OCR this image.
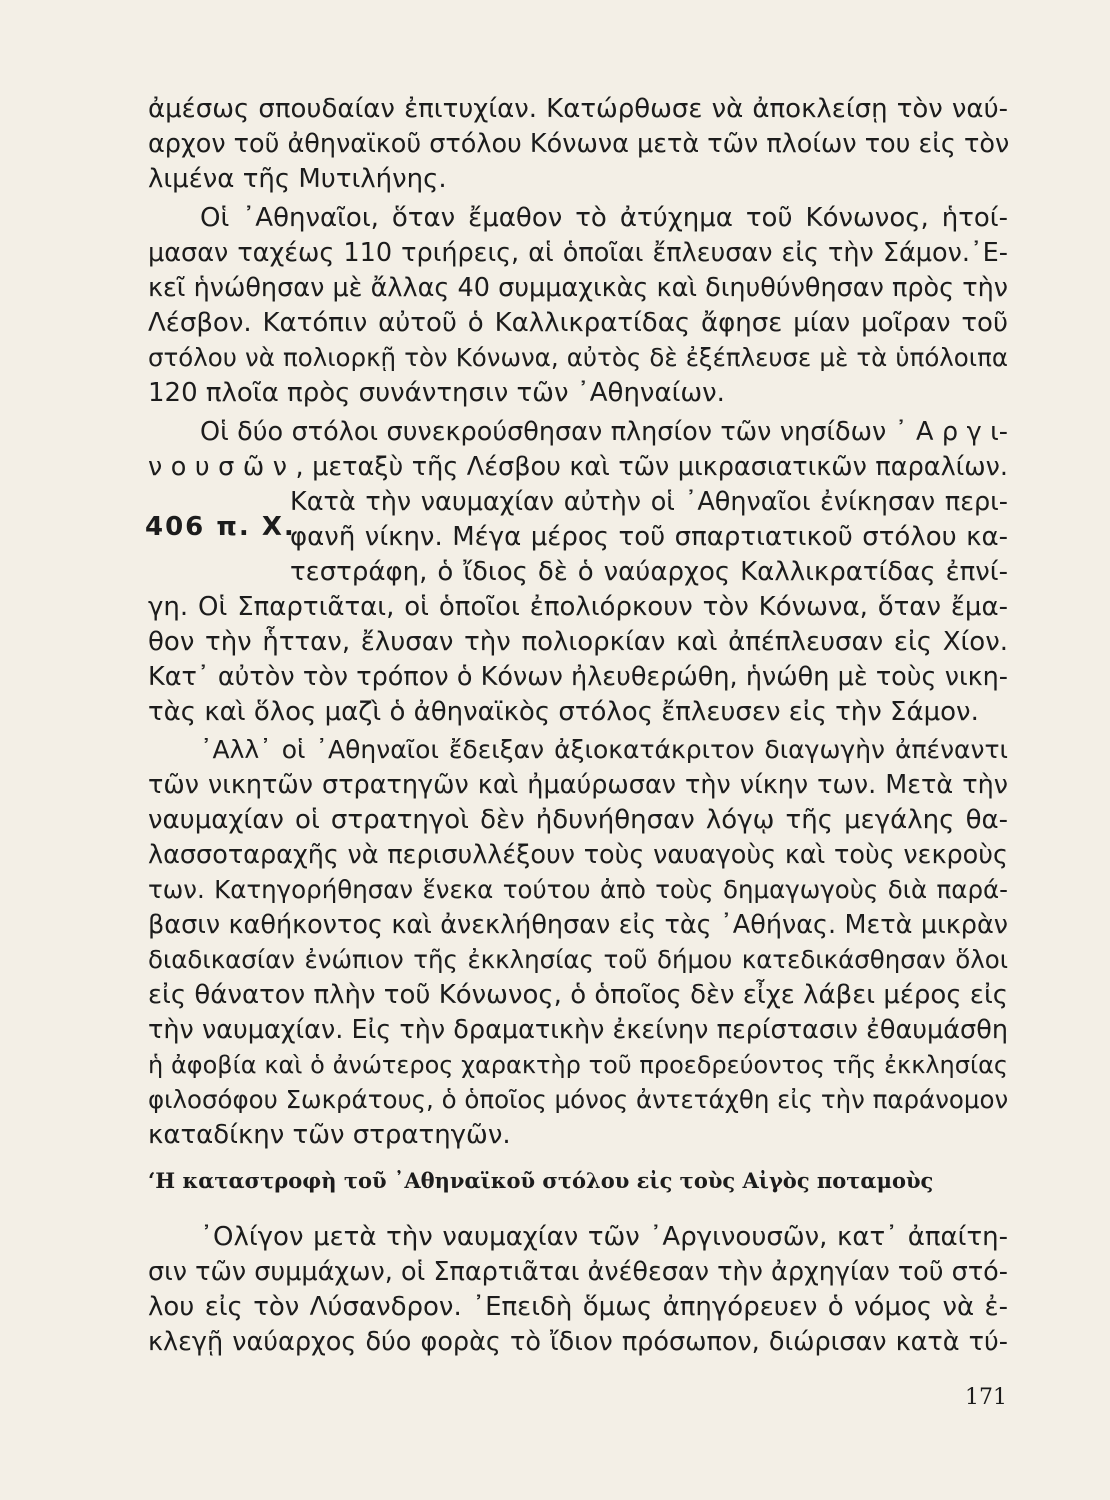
ἀμέσως σπουδαίαν ἐπιτυχίαν. Κατώρθωσε νὰ ἀποκλείσῃ τὸν ναύ-
αρχον τοῦ ἀθηναϊκοῦ στόλου Κόνωνα μετὰ τῶν πλοίων του εἰς τὸν
λιμένα τῆς Μυτιλήνης.
Οἱ ᾿Αθηναῖοι, ὅταν ἔμαθον τὸ ἀτύχημα τοῦ Κόνωνος, ἡτοί-
μασαν ταχέως 110 τριήρεις, αἱ ὁποῖαι ἔπλευσαν εἰς τὴν Σάμον.᾿Ε-
κεῖ ἡνώθησαν μὲ ἄλλας 40 συμμαχικὰς καὶ διηυθύνθησαν πρὸς τὴν
Λέσβον. Κατόπιν αὐτοῦ ὁ Καλλικρατίδας ἄφησε μίαν μοῖραν τοῦ
στόλου νὰ πολιορκῇ τὸν Κόνωνα, αὐτὸς δὲ ἐξέπλευσε μὲ τὰ ὑπόλοιπα
120 πλοῖα πρὸς συνάντησιν τῶν ᾿Αθηναίων.
Οἱ δύο στόλοι συνεκρούσθησαν πλησίον τῶν νησίδων ᾿ Α ρ γ ι-
ν ο υ σ ῶ ν , μεταξὺ τῆς Λέσβου καὶ τῶν μικρασιατικῶν παραλίων.
Κατὰ τὴν ναυμαχίαν αὐτὴν οἱ ᾿Αθηναῖοι ἐνίκησαν περι-
406 π. Χ.
φανῆ νίκην. Μέγα μέρος τοῦ σπαρτιατικοῦ στόλου κα-
τεστράφη, ὁ ἴδιος δὲ ὁ ναύαρχος Καλλικρατίδας ἐπνί-
γη. Οἱ Σπαρτιᾶται, οἱ ὁποῖοι ἐπολιόρκουν τὸν Κόνωνα, ὅταν ἔμα-
θον τὴν ἧτταν, ἔλυσαν τὴν πολιορκίαν καὶ ἀπέπλευσαν εἰς Χίον.
Κατ᾿ αὐτὸν τὸν τρόπον ὁ Κόνων ἠλευθερώθη, ἡνώθη μὲ τοὺς νικη-
τὰς καὶ ὅλος μαζὶ ὁ ἀθηναϊκὸς στόλος ἔπλευσεν εἰς τὴν Σάμον.
᾿Αλλ᾿ οἱ ᾿Αθηναῖοι ἔδειξαν ἀξιοκατάκριτον διαγωγὴν ἀπέναντι
τῶν νικητῶν στρατηγῶν καὶ ἠμαύρωσαν τὴν νίκην των. Μετὰ τὴν
ναυμαχίαν οἱ στρατηγοὶ δὲν ἠδυνήθησαν λόγῳ τῆς μεγάλης θα-
λασσοταραχῆς νὰ περισυλλέξουν τοὺς ναυαγοὺς καὶ τοὺς νεκροὺς
των. Κατηγορήθησαν ἕνεκα τούτου ἀπὸ τοὺς δημαγωγοὺς διὰ παρά-
βασιν καθήκοντος καὶ ἀνεκλήθησαν εἰς τὰς ᾿Αθήνας. Μετὰ μικρὰν
διαδικασίαν ἐνώπιον τῆς ἐκκλησίας τοῦ δήμου κατεδικάσθησαν ὅλοι
εἰς θάνατον πλὴν τοῦ Κόνωνος, ὁ ὁποῖος δὲν εἶχε λάβει μέρος εἰς
τὴν ναυμαχίαν. Εἰς τὴν δραματικὴν ἐκείνην περίστασιν ἐθαυμάσθη
ἡ ἀφοβία καὶ ὁ ἀνώτερος χαρακτὴρ τοῦ προεδρεύοντος τῆς ἐκκλησίας
φιλοσόφου Σωκράτους, ὁ ὁποῖος μόνος ἀντετάχθη εἰς τὴν παράνομον
καταδίκην τῶν στρατηγῶν.
ʻΗ καταστροφὴ τοῦ ᾿Αθηναϊκοῦ στόλου εἰς τοὺς Αἰγὸς ποταμοὺς
᾿Ολίγον μετὰ τὴν ναυμαχίαν τῶν ᾿Αργινουσῶν, κατ᾿ ἀπαίτη-
σιν τῶν συμμάχων, οἱ Σπαρτιᾶται ἀνέθεσαν τὴν ἀρχηγίαν τοῦ στό-
λου εἰς τὸν Λύσανδρον. ᾿Επειδὴ ὅμως ἀπηγόρευεν ὁ νόμος νὰ ἐ-
κλεγῇ ναύαρχος δύο φορὰς τὸ ἴδιον πρόσωπον, διώρισαν κατὰ τύ-
171
